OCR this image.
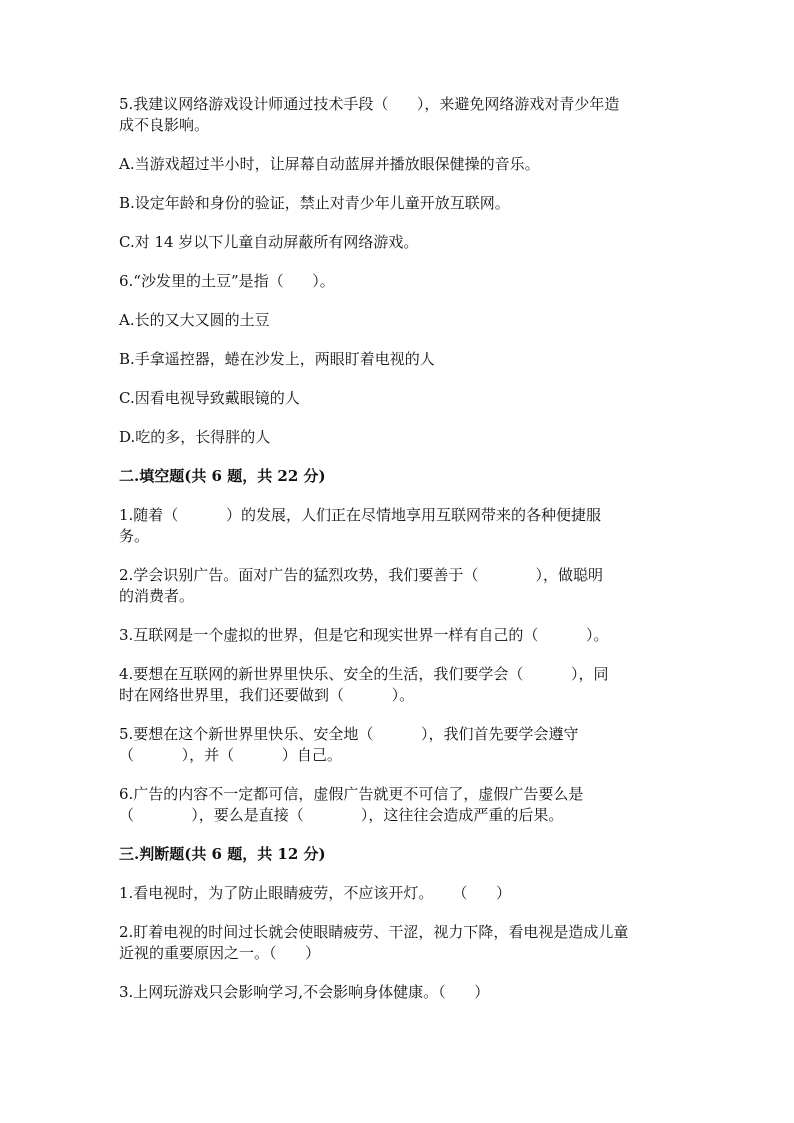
5.我建议网络游戏设计师通过技术手段（      ），来避免网络游戏对青少年造

成不良影响。

A.当游戏超过半小时，让屏幕自动蓝屏并播放眼保健操的音乐。

B.设定年龄和身份的验证，禁止对青少年儿童开放互联网。

C.对 14 岁以下儿童自动屏蔽所有网络游戏。

6.“沙发里的土豆”是指（      ）。

A.长的又大又圆的土豆

B.手拿遥控器，蜷在沙发上，两眼盯着电视的人

C.因看电视导致戴眼镜的人

D.吃的多，长得胖的人

二.填空题(共 6 题，共 22 分)

1.随着（          ）的发展，人们正在尽情地享用互联网带来的各种便捷服

务。

2.学会识别广告。面对广告的猛烈攻势，我们要善于（            ），做聪明

的消费者。

3.互联网是一个虚拟的世界，但是它和现实世界一样有自己的（          ）。

4.要想在互联网的新世界里快乐、安全的生活，我们要学会（          ），同

时在网络世界里，我们还要做到（          ）。

5.要想在这个新世界里快乐、安全地（          ），我们首先要学会遵守

（          ），并（          ）自己。

6.广告的内容不一定都可信，虚假广告就更不可信了，虚假广告要么是

（            ），要么是直接（            ），这往往会造成严重的后果。

三.判断题(共 6 题，共 12 分)

1.看电视时，为了防止眼睛疲劳，不应该开灯。    （      ）

2.盯着电视的时间过长就会使眼睛疲劳、干涩，视力下降，看电视是造成儿童

近视的重要原因之一。（      ）

3.上网玩游戏只会影响学习,不会影响身体健康。（      ）
